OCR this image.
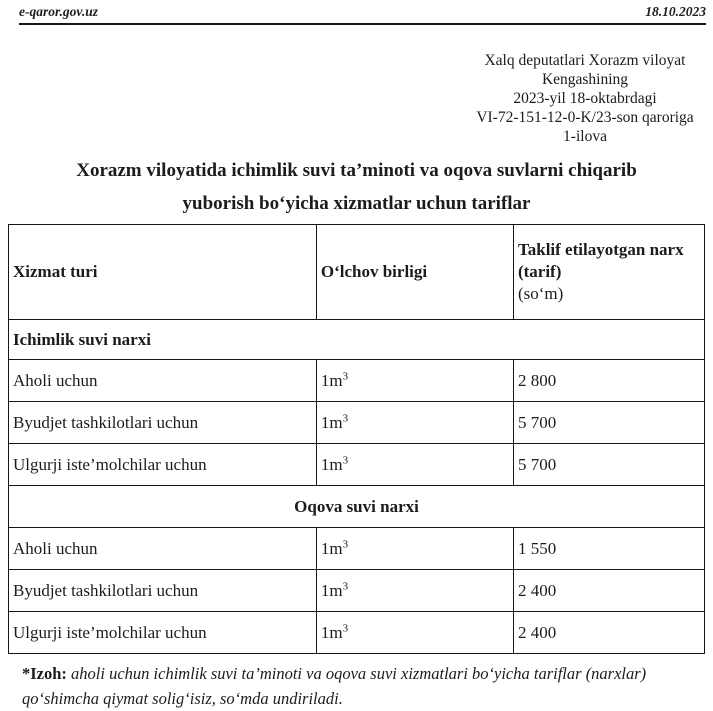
e-qaror.gov.uz	18.10.2023
Xalq deputatlari Xorazm viloyat
Kengashining
2023-yil 18-oktabrdagi
VI-72-151-12-0-K/23-son qaroriga
1-ilova
Xorazm viloyatida ichimlik suvi ta’minoti va oqova suvlarni chiqarib
yuborish bo‘yicha xizmatlar uchun tariflar
Xizmat turi	O‘lchov birligi	Taklif etilayotgan narx (tarif)
(so‘m)

Ichimlik suvi narxi		
Aholi uchun	$1m^3$	2 800
Byudjet tashkilotlari uchun	$1m^3$	5 700
Ulgurji iste’molchilar uchun	$1m^3$	5 700
Oqova suvi narxi		
Aholi uchun	$1m^3$	1 550
Byudjet tashkilotlari uchun	$1m^3$	2 400
Ulgurji iste’molchilar uchun	$1m^3$	2 400
*Izoh: aholi uchun ichimlik suvi ta’minoti va oqova suvi xizmatlari bo‘yicha tariflar (narxlar) qo‘shimcha qiymat solig‘isiz, so‘mda undiriladi.
